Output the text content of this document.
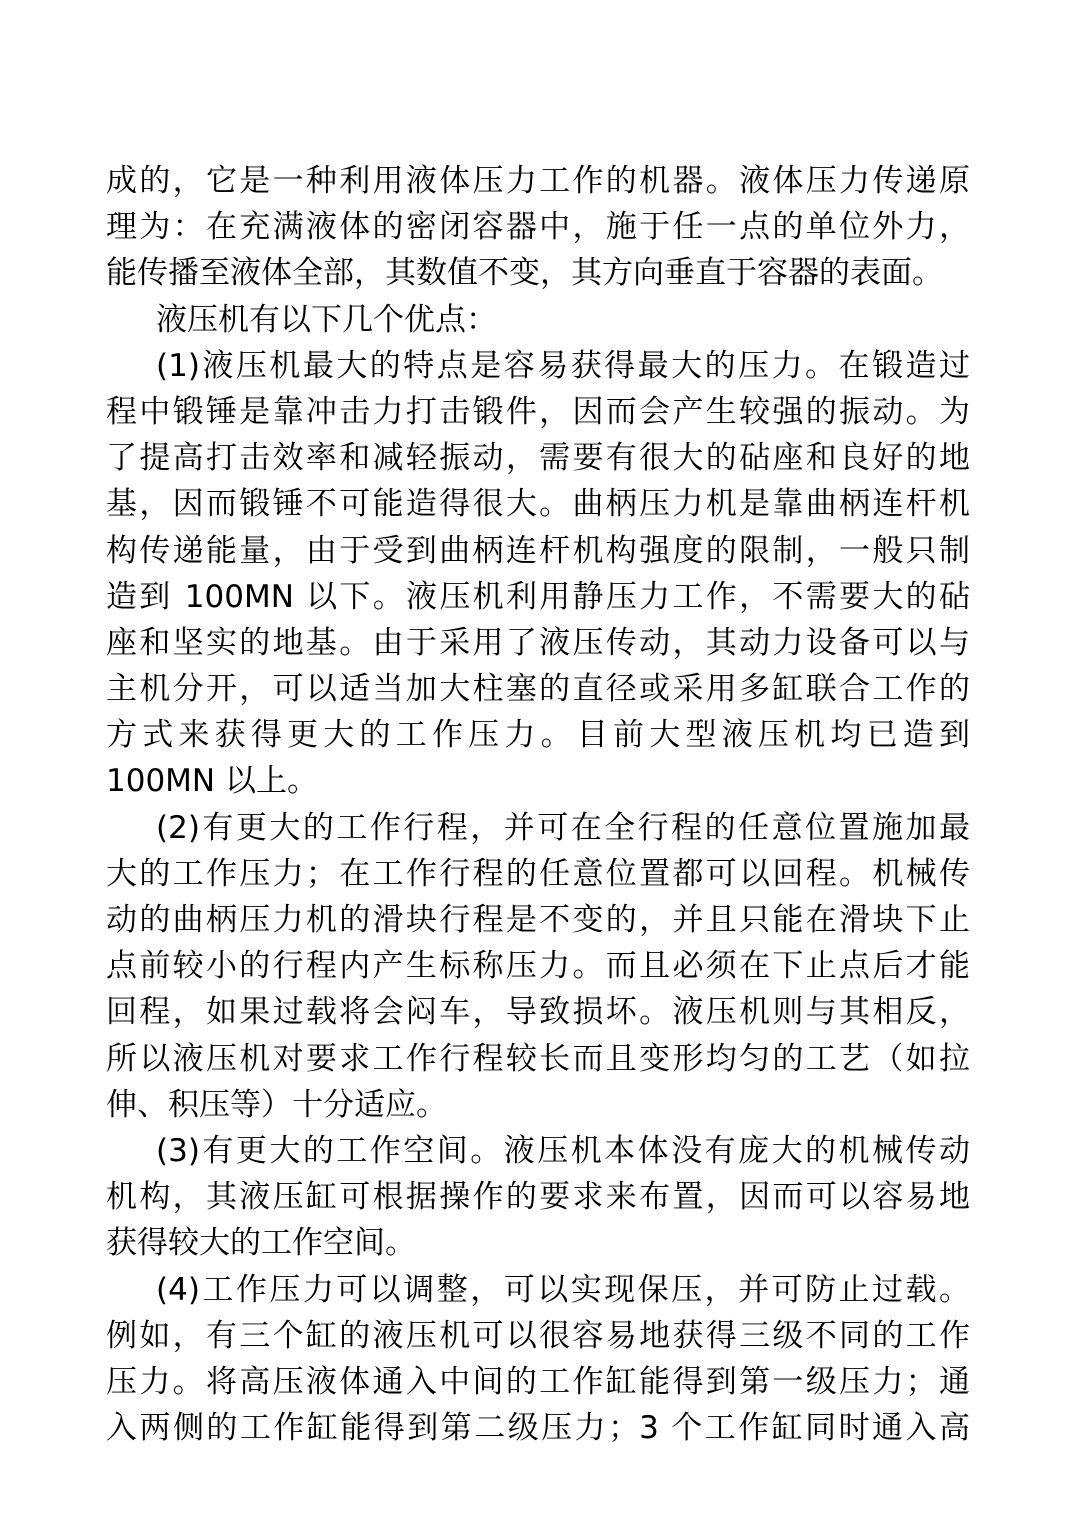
成的，它是一种利用液体压力工作的机器。液体压力传递原
理为：在充满液体的密闭容器中，施于任一点的单位外力，
能传播至液体全部，其数值不变，其方向垂直于容器的表面。
液压机有以下几个优点：
(1)液压机最大的特点是容易获得最大的压力。在锻造过
程中锻锤是靠冲击力打击锻件，因而会产生较强的振动。为
了提高打击效率和减轻振动，需要有很大的砧座和良好的地
基，因而锻锤不可能造得很大。曲柄压力机是靠曲柄连杆机
构传递能量，由于受到曲柄连杆机构强度的限制，一般只制
造到 100MN 以下。液压机利用静压力工作，不需要大的砧
座和坚实的地基。由于采用了液压传动，其动力设备可以与
主机分开，可以适当加大柱塞的直径或采用多缸联合工作的
方式来获得更大的工作压力。目前大型液压机均已造到
100MN 以上。
(2)有更大的工作行程，并可在全行程的任意位置施加最
大的工作压力；在工作行程的任意位置都可以回程。机械传
动的曲柄压力机的滑块行程是不变的，并且只能在滑块下止
点前较小的行程内产生标称压力。而且必须在下止点后才能
回程，如果过载将会闷车，导致损坏。液压机则与其相反，
所以液压机对要求工作行程较长而且变形均匀的工艺（如拉
伸、积压等）十分适应。
(3)有更大的工作空间。液压机本体没有庞大的机械传动
机构，其液压缸可根据操作的要求来布置，因而可以容易地
获得较大的工作空间。
(4)工作压力可以调整，可以实现保压，并可防止过载。
例如，有三个缸的液压机可以很容易地获得三级不同的工作
压力。将高压液体通入中间的工作缸能得到第一级压力；通
入两侧的工作缸能得到第二级压力；3 个工作缸同时通入高
